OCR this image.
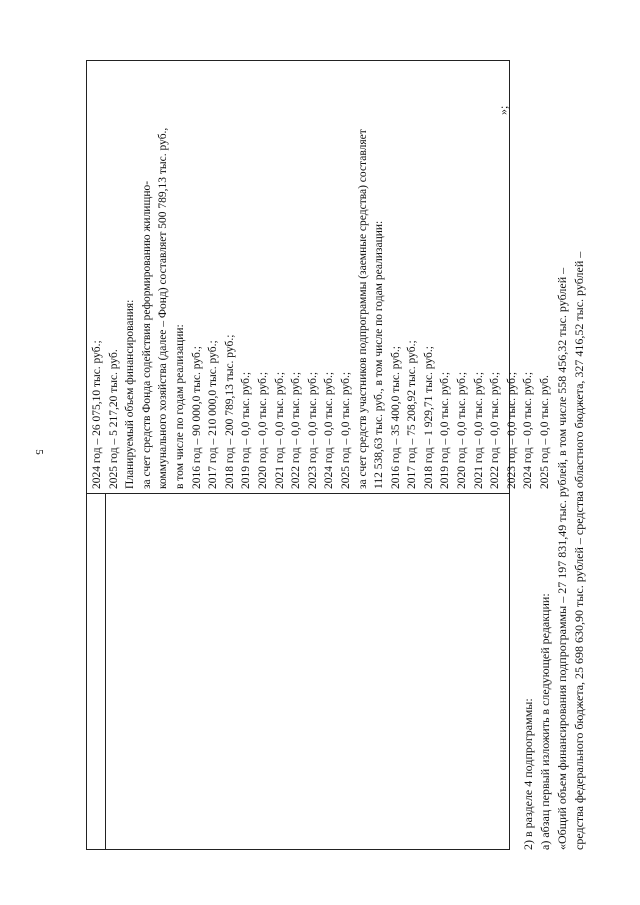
5	2024 год – 26 075,10 тыс. руб.; 2025 год – 5 217,20 тыс. руб. Планируемый объем финансирования: за счет средств Фонда содействия реформированию жилищно- коммунального хозяйства (далее – Фонд) составляет 500 789,13 тыс. руб., в том числе по годам реализации: 2016 год – 90 000,0 тыс. руб.; 2017 год – 210 000,0 тыс. руб.; 2018 год – 200 789,13 тыс. руб.; 2019 год – 0,0 тыс. руб.; 2020 год – 0,0 тыс. руб.; 2021 год – 0,0 тыс. руб.; 2022 год – 0,0 тыс. руб.; 2023 год – 0,0 тыс. руб.; 2024 год – 0,0 тыс. руб.; 2025 год – 0,0 тыс. руб.; за счет средств участников подпрограммы (заемные средства) составляет 112 538,63 тыс. руб., в том числе по годам реализации: 2016 год – 35 400,0 тыс. руб.; 2017 год – 75 208,92 тыс. руб.; 2018 год – 1 929,71 тыс. руб.; 2019 год – 0,0 тыс. руб.; 2020 год – 0,0 тыс. руб.; 2021 год – 0,0 тыс. руб.; 2022 год – 0,0 тыс. руб.; 2023 год – 0,0 тыс. руб.; 2024 год – 0,0 тыс. руб.; 2025 год – 0,0 тыс. руб.
»;

2) в разделе 4 подпрограммы: а) абзац первый изложить в следующей редакции: «Общий объем финансирования подпрограммы – 27 197 831,49 тыс. рублей, в том числе 558 456,32 тыс. рублей – средства федерального бюджета, 25 698 630,90 тыс. рублей – средства областного бюджета, 327 416,52 тыс. рублей –
